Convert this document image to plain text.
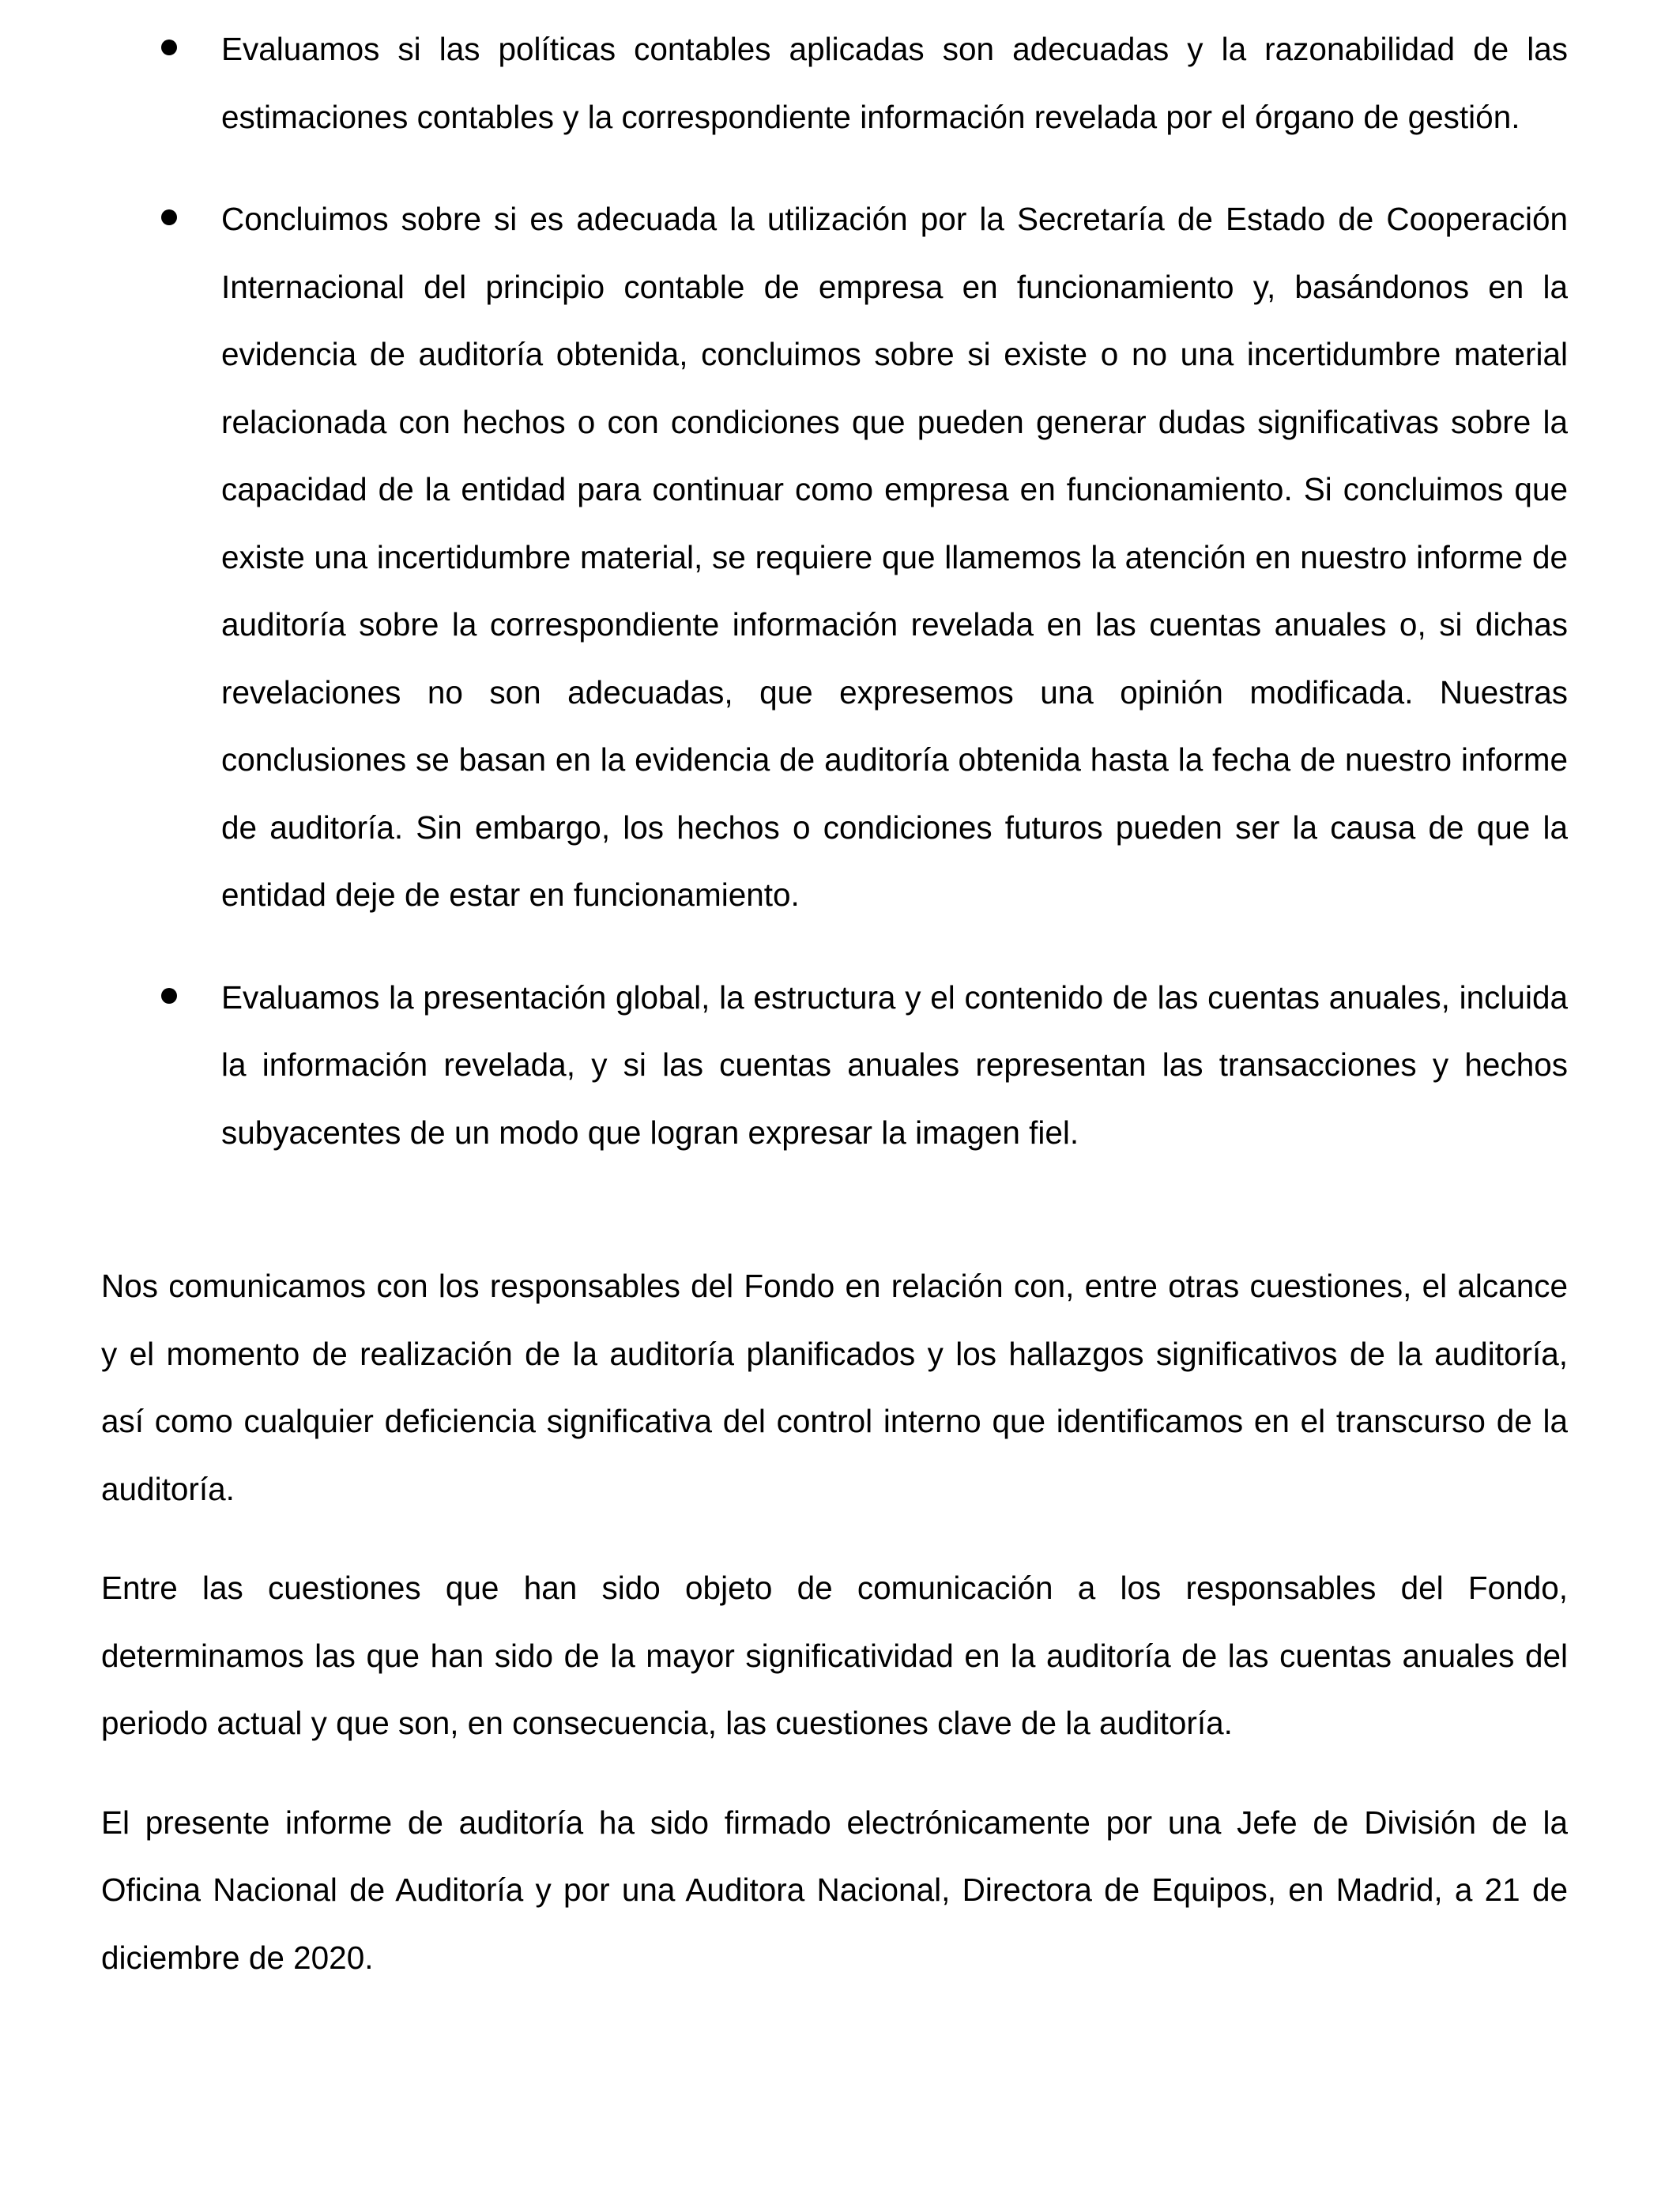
Evaluamos si las políticas contables aplicadas son adecuadas y la razonabilidad de las estimaciones contables y la correspondiente información revelada por el órgano de gestión.

Concluimos sobre si es adecuada la utilización por la Secretaría de Estado de Cooperación Internacional del principio contable de empresa en funcionamiento y, basándonos en la evidencia de auditoría obtenida, concluimos sobre si existe o no una incertidumbre material relacionada con hechos o con condiciones que pueden generar dudas significativas sobre la capacidad de la entidad para continuar como empresa en funcionamiento. Si concluimos que existe una incertidumbre material, se requiere que llamemos la atención en nuestro informe de auditoría sobre la correspondiente información revelada en las cuentas anuales o, si dichas revelaciones no son adecuadas, que expresemos una opinión modificada. Nuestras conclusiones se basan en la evidencia de auditoría obtenida hasta la fecha de nuestro informe de auditoría. Sin embargo, los hechos o condiciones futuros pueden ser la causa de que la entidad deje de estar en funcionamiento.

Evaluamos la presentación global, la estructura y el contenido de las cuentas anuales, incluida la información revelada, y si las cuentas anuales representan las transacciones y hechos subyacentes de un modo que logran expresar la imagen fiel.

Nos comunicamos con los responsables del Fondo en relación con, entre otras cuestiones, el alcance y el momento de realización de la auditoría planificados y los hallazgos significativos de la auditoría, así como cualquier deficiencia significativa del control interno que identificamos en el transcurso de la auditoría.

Entre las cuestiones que han sido objeto de comunicación a los responsables del Fondo, determinamos las que han sido de la mayor significatividad en la auditoría de las cuentas anuales del periodo actual y que son, en consecuencia, las cuestiones clave de la auditoría.

El presente informe de auditoría ha sido firmado electrónicamente por una Jefe de División de la Oficina Nacional de Auditoría y por una Auditora Nacional, Directora de Equipos, en Madrid, a 21 de diciembre de 2020.
